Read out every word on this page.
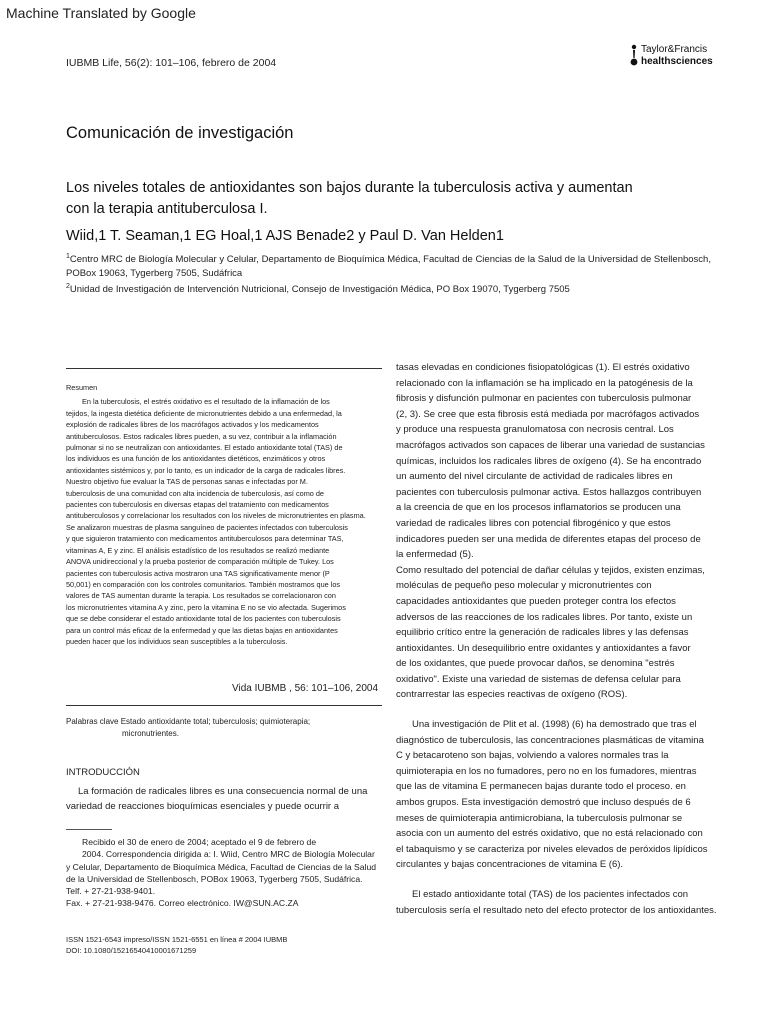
Machine Translated by Google
IUBMB Life, 56(2): 101–106, febrero de 2004
Taylor&Francis
healthsciences
Comunicación de investigación
Los niveles totales de antioxidantes son bajos durante la tuberculosis activa y aumentan
con la terapia antituberculosa I.
Wiid,1 T. Seaman,1 EG Hoal,1 AJS Benade2 y Paul D. Van Helden1
$^1$Centro MRC de Biología Molecular y Celular, Departamento de Bioquímica Médica, Facultad de Ciencias de la Salud de la Universidad de Stellenbosch,
POBox 19063, Tygerberg 7505, Sudáfrica
$^2$Unidad de Investigación de Intervención Nutricional, Consejo de Investigación Médica, PO Box 19070, Tygerberg 7505
Resumen

En la tuberculosis, el estrés oxidativo es el resultado de la inflamación de los

tejidos, la ingesta dietética deficiente de micronutrientes debido a una enfermedad, la

explosión de radicales libres de los macrófagos activados y los medicamentos

antituberculosos. Estos radicales libres pueden, a su vez, contribuir a la inflamación

pulmonar si no se neutralizan con antioxidantes. El estado antioxidante total (TAS) de

los individuos es una función de los antioxidantes dietéticos, enzimáticos y otros

antioxidantes sistémicos y, por lo tanto, es un indicador de la carga de radicales libres.

Nuestro objetivo fue evaluar la TAS de personas sanas e infectadas por M.

tuberculosis de una comunidad con alta incidencia de tuberculosis, así como de

pacientes con tuberculosis en diversas etapas del tratamiento con medicamentos

antituberculosos y correlacionar los resultados con los niveles de micronutrientes en plasma.

Se analizaron muestras de plasma sanguíneo de pacientes infectados con tuberculosis

y que siguieron tratamiento con medicamentos antituberculosos para determinar TAS,

vitaminas A, E y zinc. El análisis estadístico de los resultados se realizó mediante

ANOVA unidireccional y la prueba posterior de comparación múltiple de Tukey. Los

pacientes con tuberculosis activa mostraron una TAS significativamente menor (P

50,001) en comparación con los controles comunitarios. También mostramos que los

valores de TAS aumentan durante la terapia. Los resultados se correlacionaron con

los micronutrientes vitamina A y zinc, pero la vitamina E no se vio afectada. Sugerimos

que se debe considerar el estado antioxidante total de los pacientes con tuberculosis

para un control más eficaz de la enfermedad y que las dietas bajas en antioxidantes

pueden hacer que los individuos sean susceptibles a la tuberculosis.

Vida IUBMB , 56: 101–106, 2004
Palabras clave Estado antioxidante total; tuberculosis; quimioterapia;
micronutrientes.
INTRODUCCIÓN

La formación de radicales libres es una consecuencia normal de una

variedad de reacciones bioquímicas esenciales y puede ocurrir a

Recibido el 30 de enero de 2004; aceptado el 9 de febrero de

2004. Correspondencia dirigida a: I. Wiid, Centro MRC de Biología Molecular

y Celular, Departamento de Bioquímica Médica, Facultad de Ciencias de la Salud

de la Universidad de Stellenbosch, POBox 19063, Tygerberg 7505, Sudáfrica.

Telf. + 27-21-938-9401.

Fax. + 27-21-938-9476. Correo electrónico. IW@SUN.AC.ZA

ISSN 1521-6543 impreso/ISSN 1521-6551 en línea # 2004 IUBMB
DOI: 10.1080/15216540410001671259

tasas elevadas en condiciones fisiopatológicas (1). El estrés oxidativo

relacionado con la inflamación se ha implicado en la patogénesis de la

fibrosis y disfunción pulmonar en pacientes con tuberculosis pulmonar

(2, 3). Se cree que esta fibrosis está mediada por macrófagos activados

y produce una respuesta granulomatosa con necrosis central. Los

macrófagos activados son capaces de liberar una variedad de sustancias

químicas, incluidos los radicales libres de oxígeno (4). Se ha encontrado

un aumento del nivel circulante de actividad de radicales libres en

pacientes con tuberculosis pulmonar activa. Estos hallazgos contribuyen

a la creencia de que en los procesos inflamatorios se producen una

variedad de radicales libres con potencial fibrogénico y que estos

indicadores pueden ser una medida de diferentes etapas del proceso de

la enfermedad (5).

Como resultado del potencial de dañar células y tejidos, existen enzimas,

moléculas de pequeño peso molecular y micronutrientes con

capacidades antioxidantes que pueden proteger contra los efectos

adversos de las reacciones de los radicales libres. Por tanto, existe un

equilibrio crítico entre la generación de radicales libres y las defensas

antioxidantes. Un desequilibrio entre oxidantes y antioxidantes a favor

de los oxidantes, que puede provocar daños, se denomina "estrés

oxidativo". Existe una variedad de sistemas de defensa celular para

contrarrestar las especies reactivas de oxígeno (ROS).

Una investigación de Plit et al. (1998) (6) ha demostrado que tras el

diagnóstico de tuberculosis, las concentraciones plasmáticas de vitamina

C y betacaroteno son bajas, volviendo a valores normales tras la

quimioterapia en los no fumadores, pero no en los fumadores, mientras

que las de vitamina E permanecen bajas durante todo el proceso. en

ambos grupos. Esta investigación demostró que incluso después de 6

meses de quimioterapia antimicrobiana, la tuberculosis pulmonar se

asocia con un aumento del estrés oxidativo, que no está relacionado con

el tabaquismo y se caracteriza por niveles elevados de peróxidos lipídicos

circulantes y bajas concentraciones de vitamina E (6).

El estado antioxidante total (TAS) de los pacientes infectados con

tuberculosis sería el resultado neto del efecto protector de los antioxidantes.
